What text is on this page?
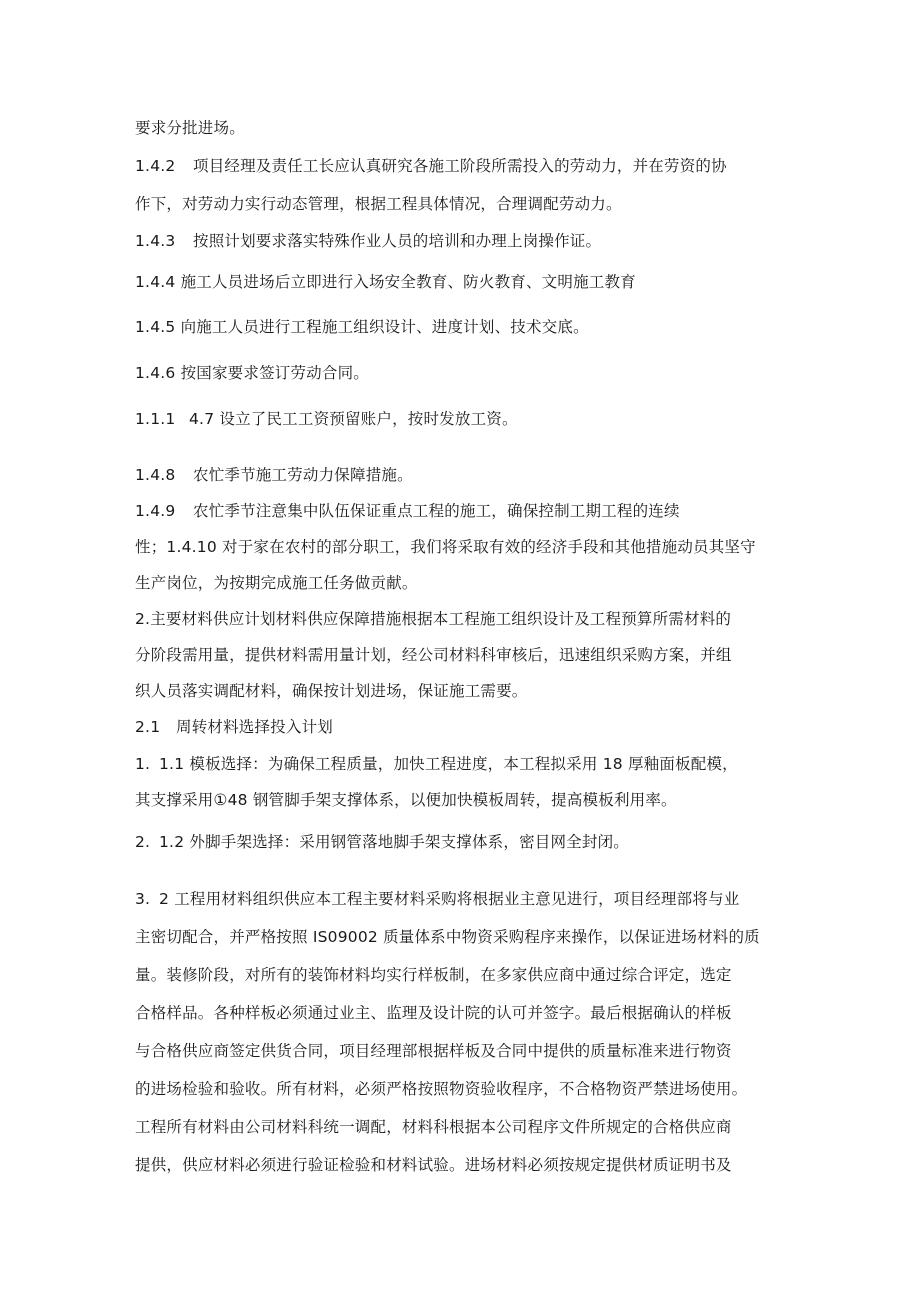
要求分批进场。
1.4.2 项目经理及责任工长应认真研究各施工阶段所需投入的劳动力，并在劳资的协
作下，对劳动力实行动态管理，根据工程具体情况，合理调配劳动力。
1.4.3 按照计划要求落实特殊作业人员的培训和办理上岗操作证。
1.4.4 施工人员进场后立即进行入场安全教育、防火教育、文明施工教育
1.4.5 向施工人员进行工程施工组织设计、进度计划、技术交底。
1.4.6 按国家要求签订劳动合同。
1.1.1 4.7 设立了民工工资预留账户，按时发放工资。
1.4.8 农忙季节施工劳动力保障措施。
1.4.9 农忙季节注意集中队伍保证重点工程的施工，确保控制工期工程的连续
性；1.4.10 对于家在农村的部分职工，我们将采取有效的经济手段和其他措施动员其坚守
生产岗位，为按期完成施工任务做贡献。
2.主要材料供应计划材料供应保障措施根据本工程施工组织设计及工程预算所需材料的
分阶段需用量，提供材料需用量计划，经公司材料科审核后，迅速组织采购方案，并组
织人员落实调配材料，确保按计划进场，保证施工需要。
2.1 周转材料选择投入计划
1. 1.1 模板选择：为确保工程质量，加快工程进度，本工程拟采用 18 厚釉面板配模，
其支撑采用①48 钢管脚手架支撑体系，以便加快模板周转，提高模板利用率。
2. 1.2 外脚手架选择：采用钢管落地脚手架支撑体系，密目网全封闭。
3. 2 工程用材料组织供应本工程主要材料采购将根据业主意见进行，项目经理部将与业
主密切配合，并严格按照 IS09002 质量体系中物资采购程序来操作，以保证进场材料的质
量。装修阶段，对所有的装饰材料均实行样板制，在多家供应商中通过综合评定，选定
合格样品。各种样板必须通过业主、监理及设计院的认可并签字。最后根据确认的样板
与合格供应商签定供货合同，项目经理部根据样板及合同中提供的质量标准来进行物资
的进场检验和验收。所有材料，必须严格按照物资验收程序，不合格物资严禁进场使用。
工程所有材料由公司材料科统一调配，材料科根据本公司程序文件所规定的合格供应商
提供，供应材料必须进行验证检验和材料试验。进场材料必须按规定提供材质证明书及
